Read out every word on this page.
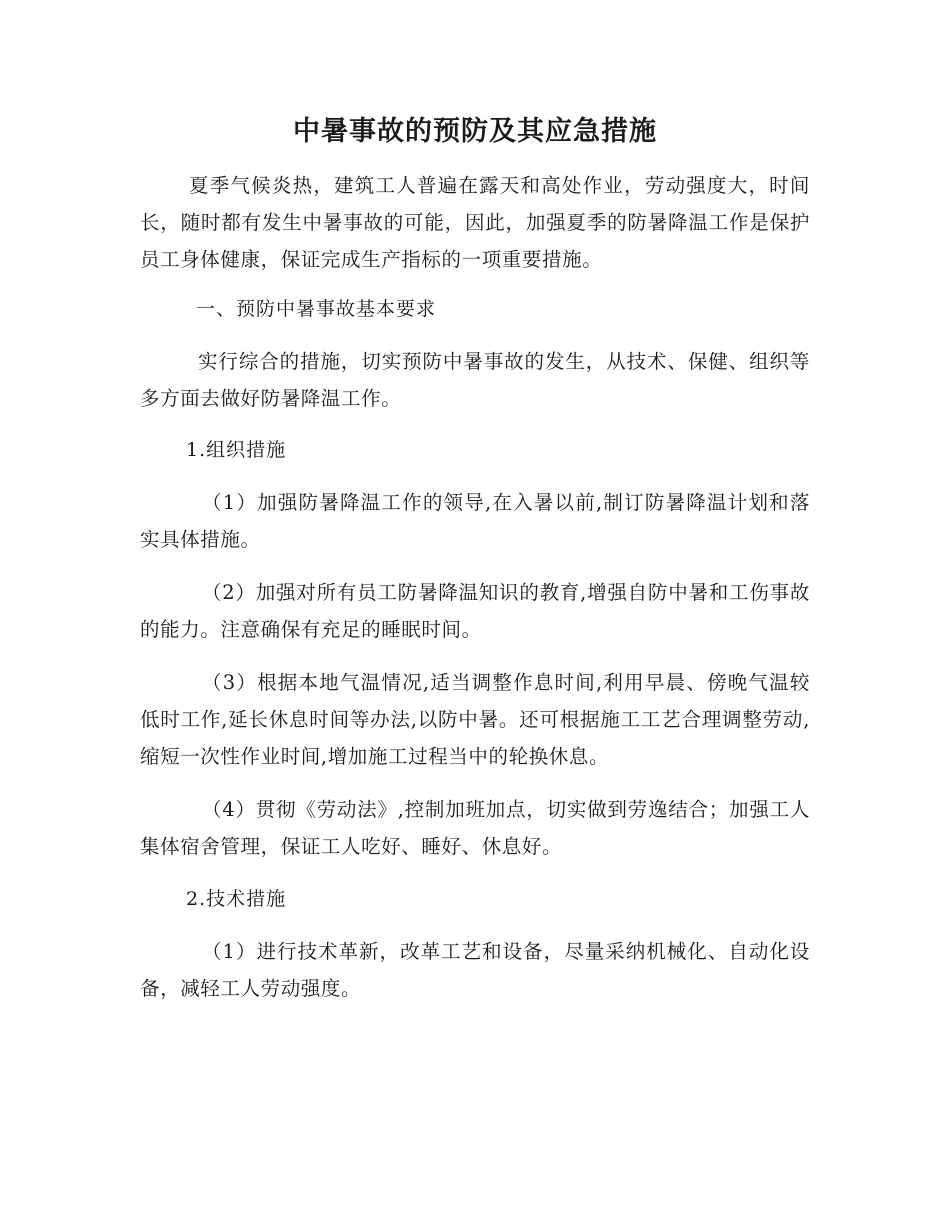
中暑事故的预防及其应急措施

夏季气候炎热，建筑工人普遍在露天和高处作业，劳动强度大，时间长，随时都有发生中暑事故的可能，因此，加强夏季的防暑降温工作是保护员工身体健康，保证完成生产指标的一项重要措施。

一、预防中暑事故基本要求

实行综合的措施，切实预防中暑事故的发生，从技术、保健、组织等多方面去做好防暑降温工作。

1.组织措施

（1）加强防暑降温工作的领导,在入暑以前,制订防暑降温计划和落实具体措施。

（2）加强对所有员工防暑降温知识的教育,增强自防中暑和工伤事故的能力。注意确保有充足的睡眠时间。

（3）根据本地气温情况,适当调整作息时间,利用早晨、傍晚气温较低时工作,延长休息时间等办法,以防中暑。还可根据施工工艺合理调整劳动,缩短一次性作业时间,增加施工过程当中的轮换休息。

（4）贯彻《劳动法》,控制加班加点，切实做到劳逸结合；加强工人集体宿舍管理，保证工人吃好、睡好、休息好。

2.技术措施

（1）进行技术革新，改革工艺和设备，尽量采纳机械化、自动化设备，减轻工人劳动强度。
